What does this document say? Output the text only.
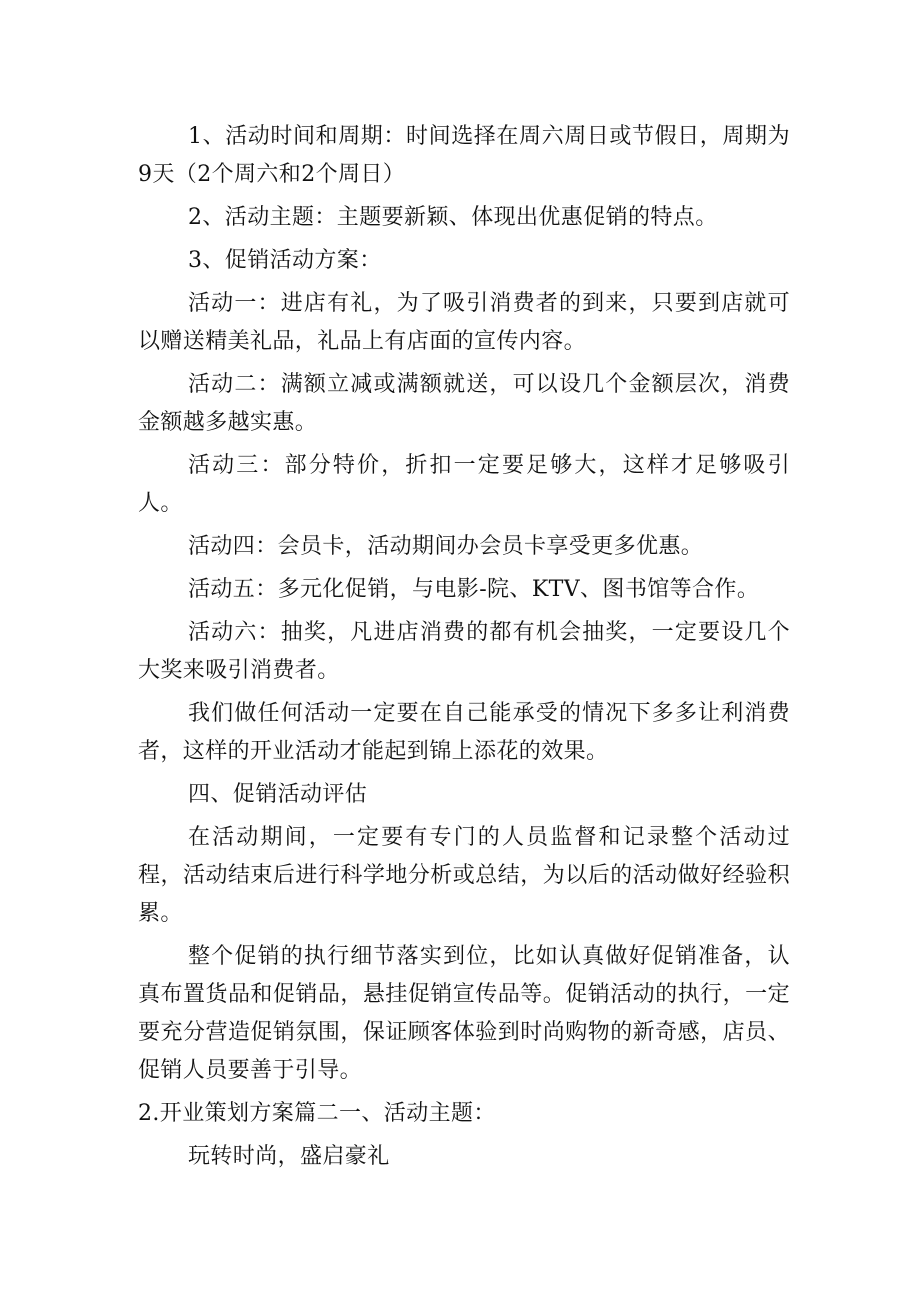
1、活动时间和周期：时间选择在周六周日或节假日，周期为9天（2个周六和2个周日）

2、活动主题：主题要新颖、体现出优惠促销的特点。

3、促销活动方案：

活动一：进店有礼，为了吸引消费者的到来，只要到店就可以赠送精美礼品，礼品上有店面的宣传内容。

活动二：满额立减或满额就送，可以设几个金额层次，消费金额越多越实惠。

活动三：部分特价，折扣一定要足够大，这样才足够吸引人。

活动四：会员卡，活动期间办会员卡享受更多优惠。

活动五：多元化促销，与电影-院、KTV、图书馆等合作。

活动六：抽奖，凡进店消费的都有机会抽奖，一定要设几个大奖来吸引消费者。

我们做任何活动一定要在自己能承受的情况下多多让利消费者，这样的开业活动才能起到锦上添花的效果。

四、促销活动评估

在活动期间，一定要有专门的人员监督和记录整个活动过程，活动结束后进行科学地分析或总结，为以后的活动做好经验积累。

整个促销的执行细节落实到位，比如认真做好促销准备，认真布置货品和促销品，悬挂促销宣传品等。促销活动的执行，一定要充分营造促销氛围，保证顾客体验到时尚购物的新奇感，店员、促销人员要善于引导。

2.开业策划方案篇二一、活动主题：

玩转时尚，盛启豪礼
